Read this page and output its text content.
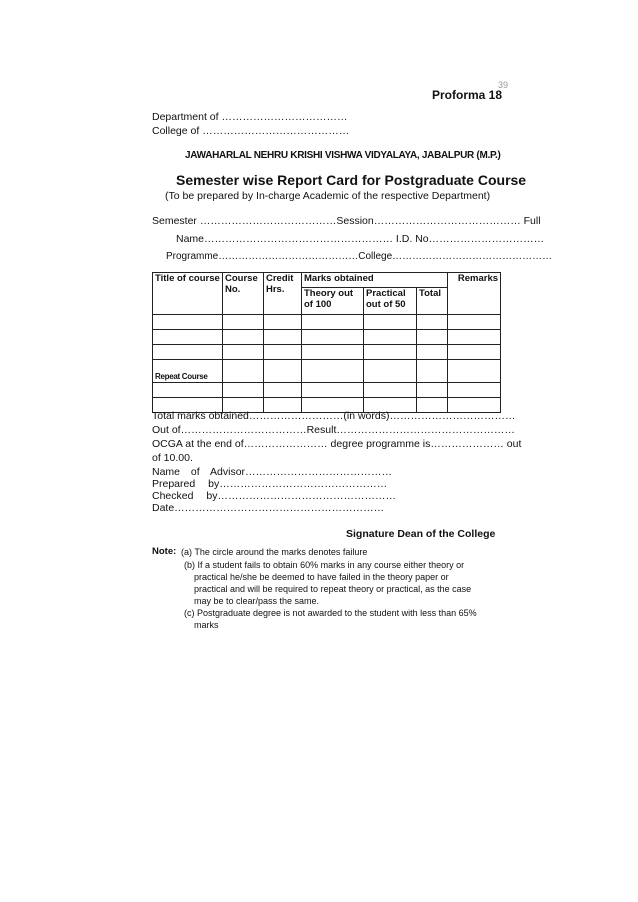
39
Proforma 18
Department of ………………………………
College of ……………………………………
JAWAHARLAL NEHRU KRISHI VISHWA VIDYALAYA, JABALPUR (M.P.)
Semester wise Report Card for Postgraduate Course
(To be prepared by In-charge Academic of the respective Department)
Semester …………………………………Session…………………………………… Full
Name……………………………………………… I.D. No……………………………
Programme……………………………………College…………………………………………
Title of course	Course No.	Credit Hrs.	Marks obtained			Remarks
			Theory out of 100	Practical out of 50	Total	

Repeat Course						

Total marks obtained………………………(in words)………………………………
Out of………………………………Result……………………………………………
OCGA at the end of…………………… degree programme is………………… out
of 10.00.
Name of Advisor……………………………………
Prepared by…………………………………………
Checked by……………………………………………
Date……………………………………………………
Signature Dean of the College
Note: (a) The circle around the marks denotes failure
(b) If a student fails to obtain 60% marks in any course either theory or
practical he/she be deemed to have failed in the theory paper or
practical and will be required to repeat theory or practical, as the case
may be to clear/pass the same.
(c) Postgraduate degree is not awarded to the student with less than 65%
marks
